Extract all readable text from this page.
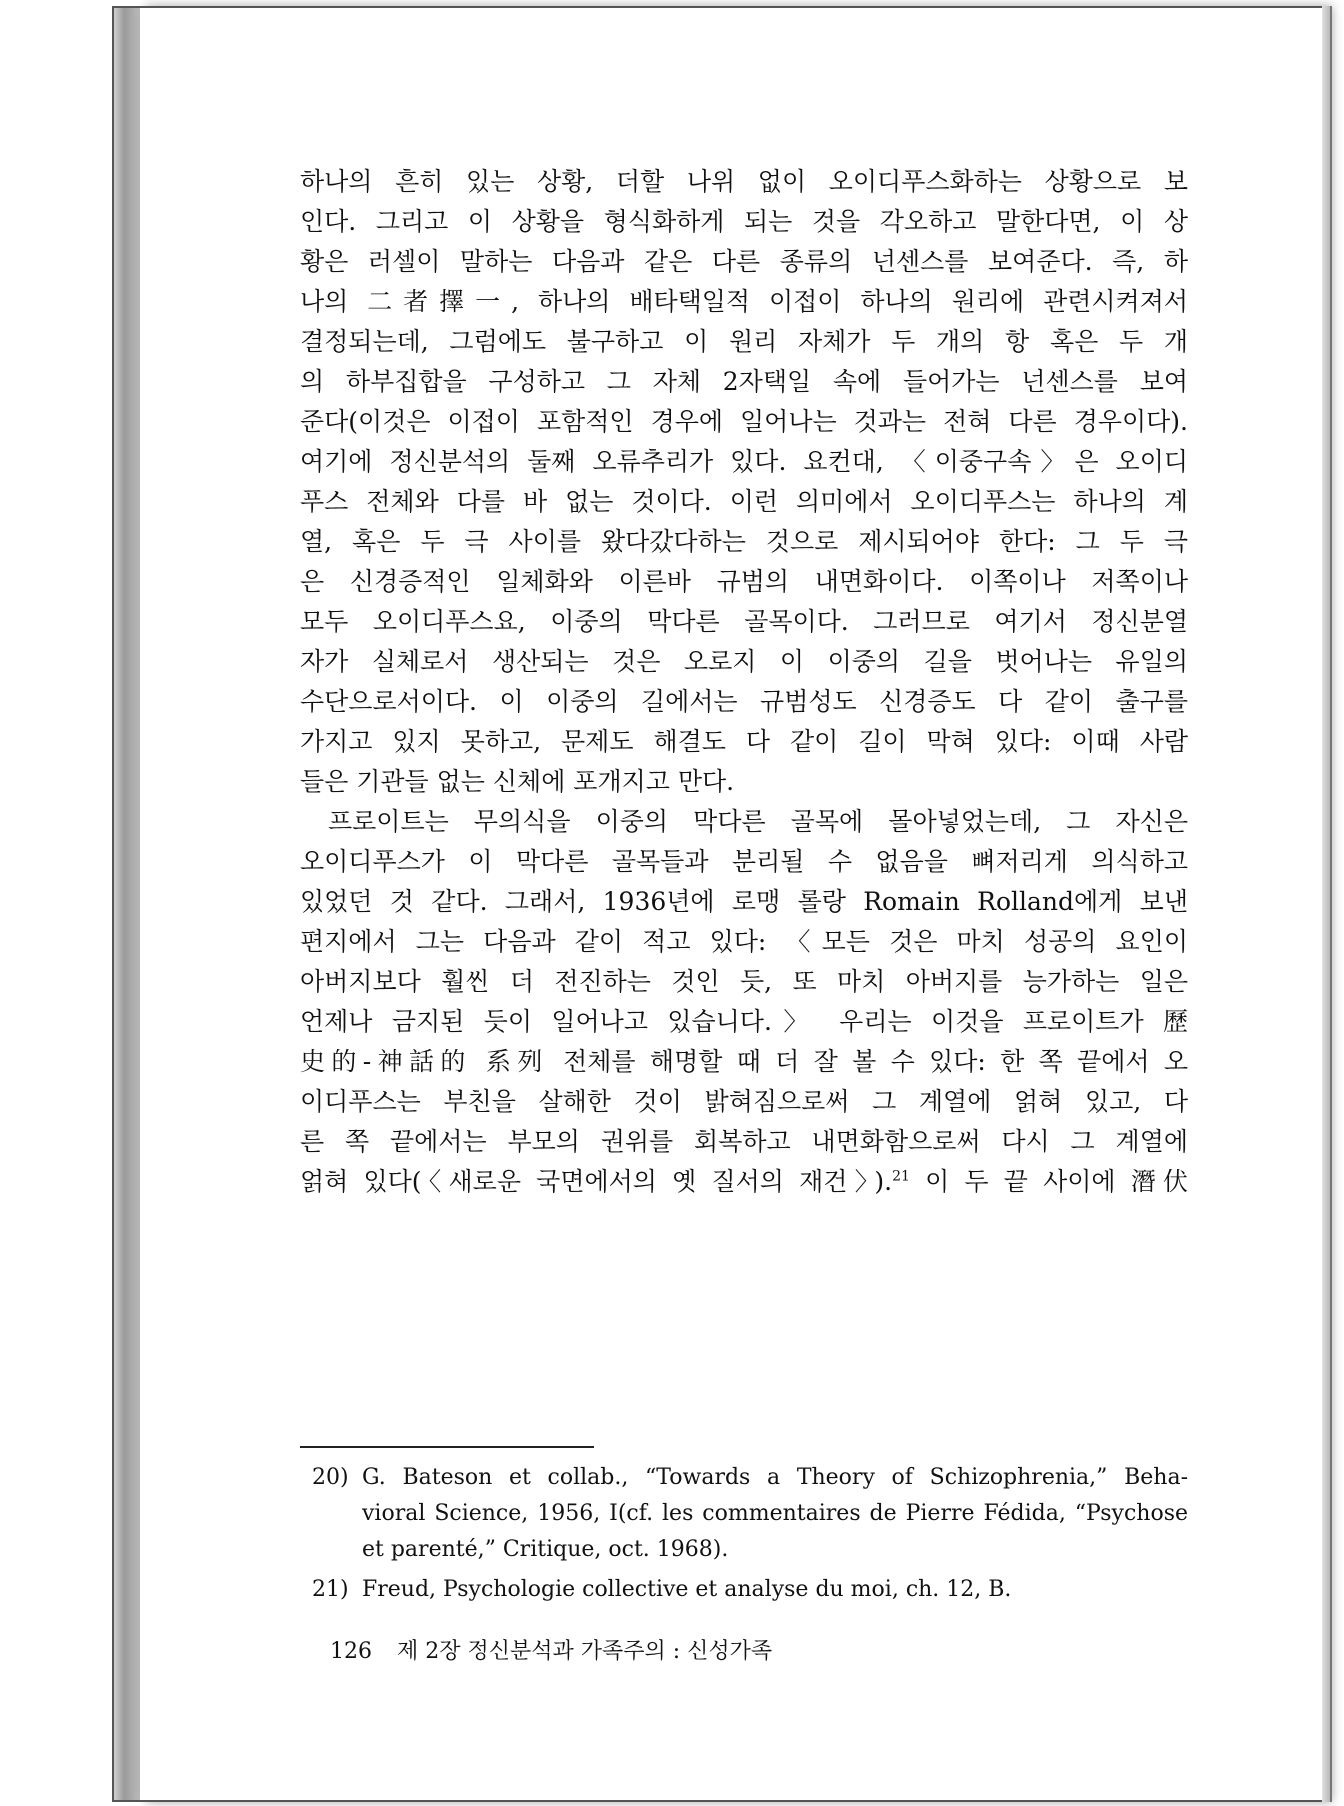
하나의 흔히 있는 상황, 더할 나위 없이 오이디푸스화하는 상황으로 보

인다. 그리고 이 상황을 형식화하게 되는 것을 각오하고 말한다면, 이 상

황은 러셀이 말하는 다음과 같은 다른 종류의 넌센스를 보여준다. 즉, 하

나의 二者擇一, 하나의 배타택일적 이접이 하나의 원리에 관련시켜져서

결정되는데, 그럼에도 불구하고 이 원리 자체가 두 개의 항 혹은 두 개

의 하부집합을 구성하고 그 자체 2자택일 속에 들어가는 넌센스를 보여

준다(이것은 이접이 포함적인 경우에 일어나는 것과는 전혀 다른 경우이다).

여기에 정신분석의 둘째 오류추리가 있다. 요컨대, 〈이중구속〉은 오이디

푸스 전체와 다를 바 없는 것이다. 이런 의미에서 오이디푸스는 하나의 계

열, 혹은 두 극 사이를 왔다갔다하는 것으로 제시되어야 한다: 그 두 극

은 신경증적인 일체화와 이른바 규범의 내면화이다. 이쪽이나 저쪽이나

모두 오이디푸스요, 이중의 막다른 골목이다. 그러므로 여기서 정신분열

자가 실체로서 생산되는 것은 오로지 이 이중의 길을 벗어나는 유일의

수단으로서이다. 이 이중의 길에서는 규범성도 신경증도 다 같이 출구를

가지고 있지 못하고, 문제도 해결도 다 같이 길이 막혀 있다: 이때 사람

들은 기관들 없는 신체에 포개지고 만다.

프로이트는 무의식을 이중의 막다른 골목에 몰아넣었는데, 그 자신은

오이디푸스가 이 막다른 골목들과 분리될 수 없음을 뼈저리게 의식하고

있었던 것 같다. 그래서, 1936년에 로맹 롤랑 Romain Rolland에게 보낸

편지에서 그는 다음과 같이 적고 있다: 〈모든 것은 마치 성공의 요인이

아버지보다 훨씬 더 전진하는 것인 듯, 또 마치 아버지를 능가하는 일은

언제나 금지된 듯이 일어나고 있습니다.〉 우리는 이것을 프로이트가 歷

史的-神話的 系列 전체를 해명할 때 더 잘 볼 수 있다: 한 쪽 끝에서 오

이디푸스는 부친을 살해한 것이 밝혀짐으로써 그 계열에 얽혀 있고, 다

른 쪽 끝에서는 부모의 권위를 회복하고 내면화함으로써 다시 그 계열에

얽혀 있다(〈새로운 국면에서의 옛 질서의 재건〉).$^{21}$ 이 두 끝 사이에 潛伏

20) G. Bateson et collab., “Towards a Theory of Schizophrenia,” Beha-
vioral Science, 1956, I(cf. les commentaires de Pierre Fédida, “Psychose
et parenté,” Critique, oct. 1968).
21) Freud, Psychologie collective et analyse du moi, ch. 12, B.
126 제 2장 정신분석과 가족주의 : 신성가족
